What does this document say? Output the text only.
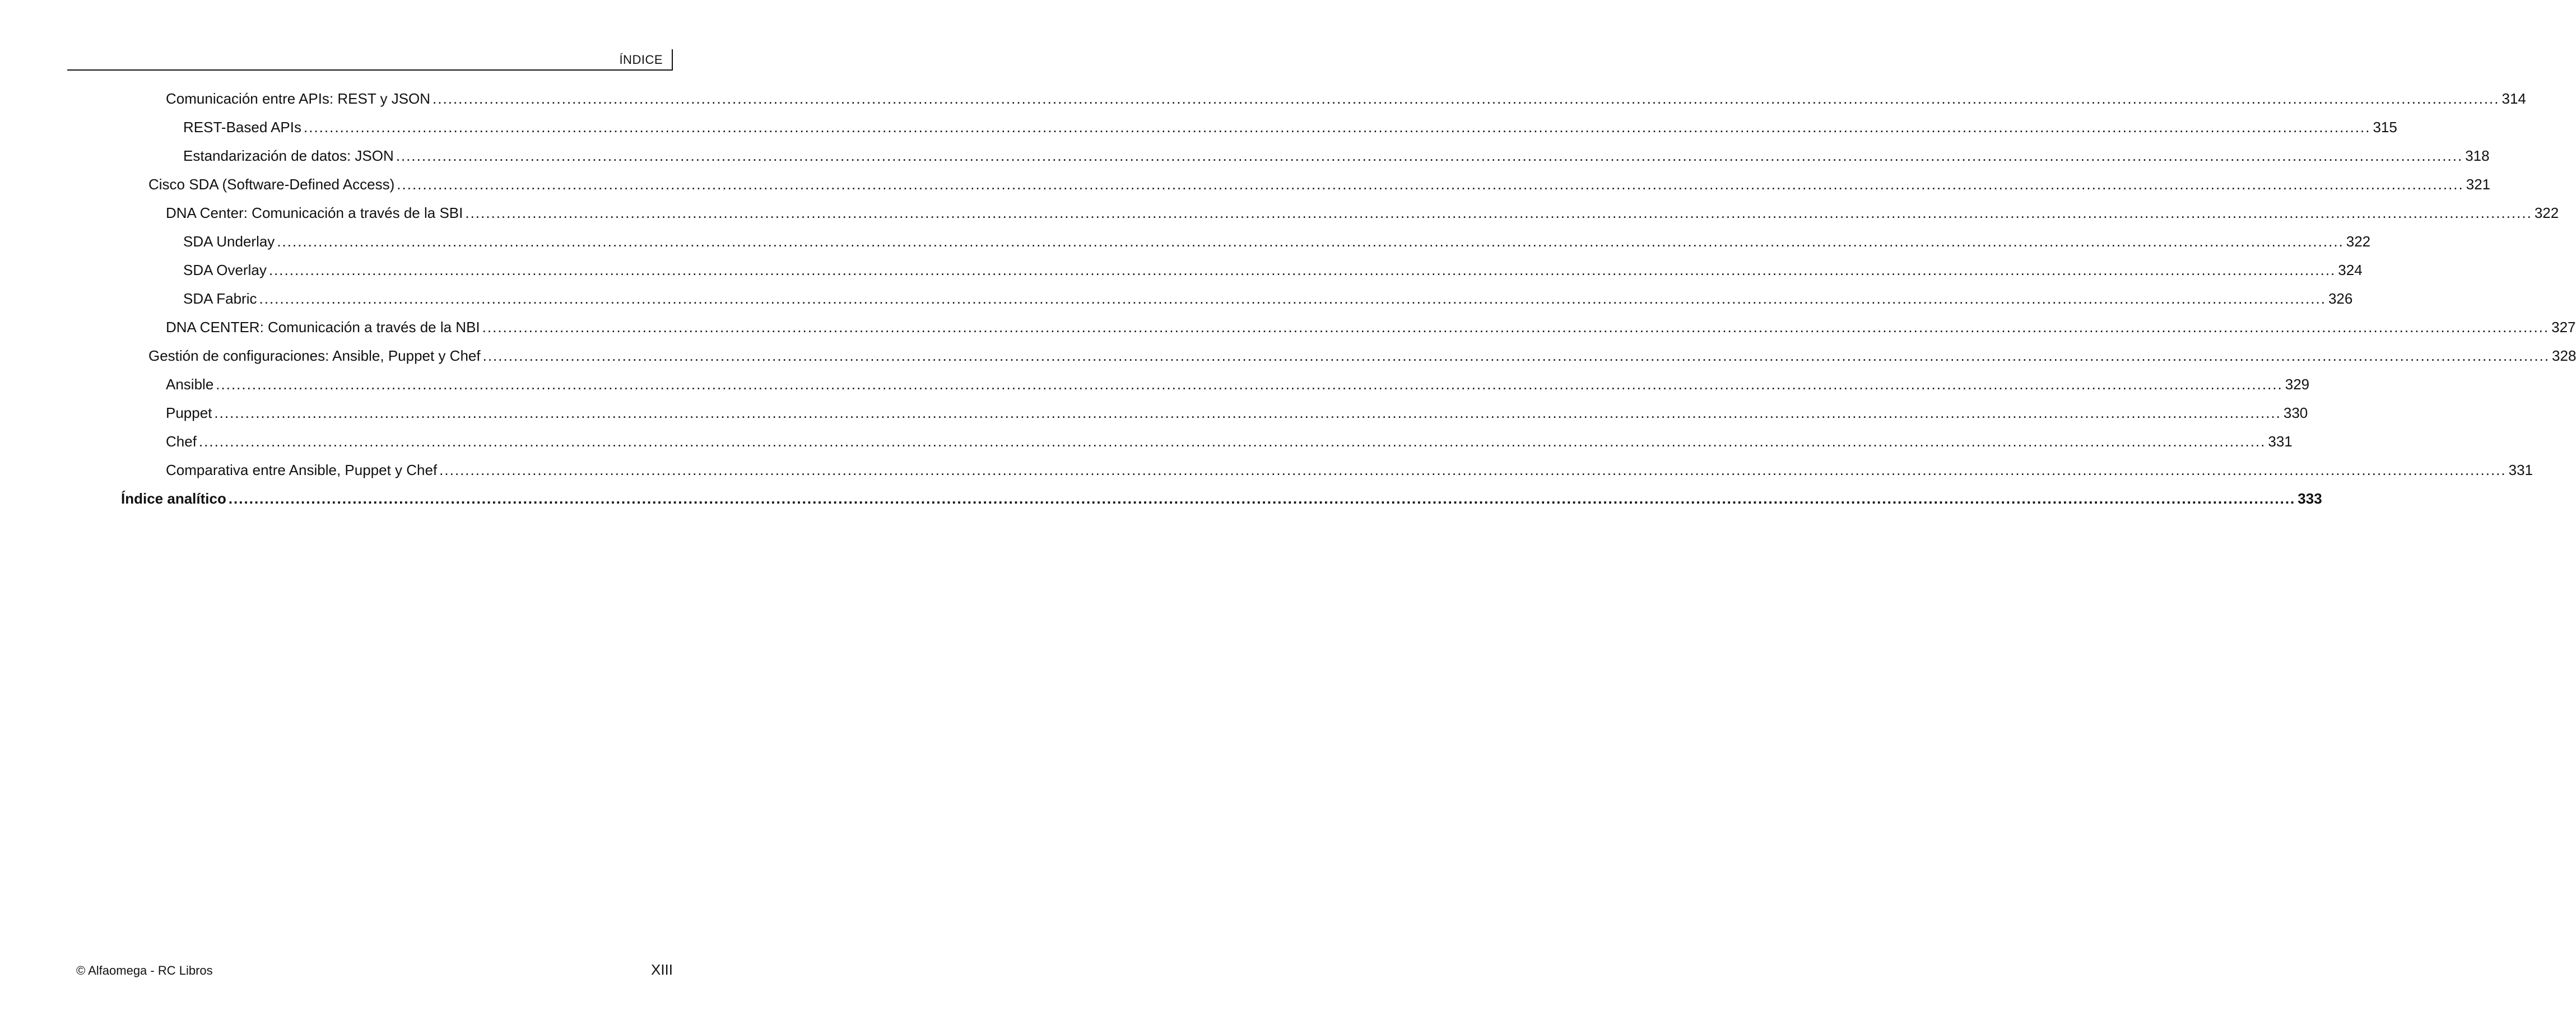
ÍNDICE
Comunicación entre APIs: REST y JSON ................................................................................................................................................................................................................................................................................................................................................................................................................ 314
REST-Based APIs ................................................................................................................................................................................................................................................................................................................................................................................................................ 315
Estandarización de datos: JSON ................................................................................................................................................................................................................................................................................................................................................................................................................ 318
Cisco SDA (Software-Defined Access) ................................................................................................................................................................................................................................................................................................................................................................................................................ 321
DNA Center: Comunicación a través de la SBI ................................................................................................................................................................................................................................................................................................................................................................................................................ 322
SDA Underlay ................................................................................................................................................................................................................................................................................................................................................................................................................ 322
SDA Overlay ................................................................................................................................................................................................................................................................................................................................................................................................................ 324
SDA Fabric ................................................................................................................................................................................................................................................................................................................................................................................................................ 326
DNA CENTER: Comunicación a través de la NBI ................................................................................................................................................................................................................................................................................................................................................................................................................ 327
Gestión de configuraciones: Ansible, Puppet y Chef ................................................................................................................................................................................................................................................................................................................................................................................................................ 328
Ansible ................................................................................................................................................................................................................................................................................................................................................................................................................ 329
Puppet ................................................................................................................................................................................................................................................................................................................................................................................................................ 330
Chef ................................................................................................................................................................................................................................................................................................................................................................................................................ 331
Comparativa entre Ansible, Puppet y Chef ................................................................................................................................................................................................................................................................................................................................................................................................................ 331
Índice analítico ................................................................................................................................................................................................................................................................................................................................................................................................................ 333
© Alfaomega - RC Libros	XIII
